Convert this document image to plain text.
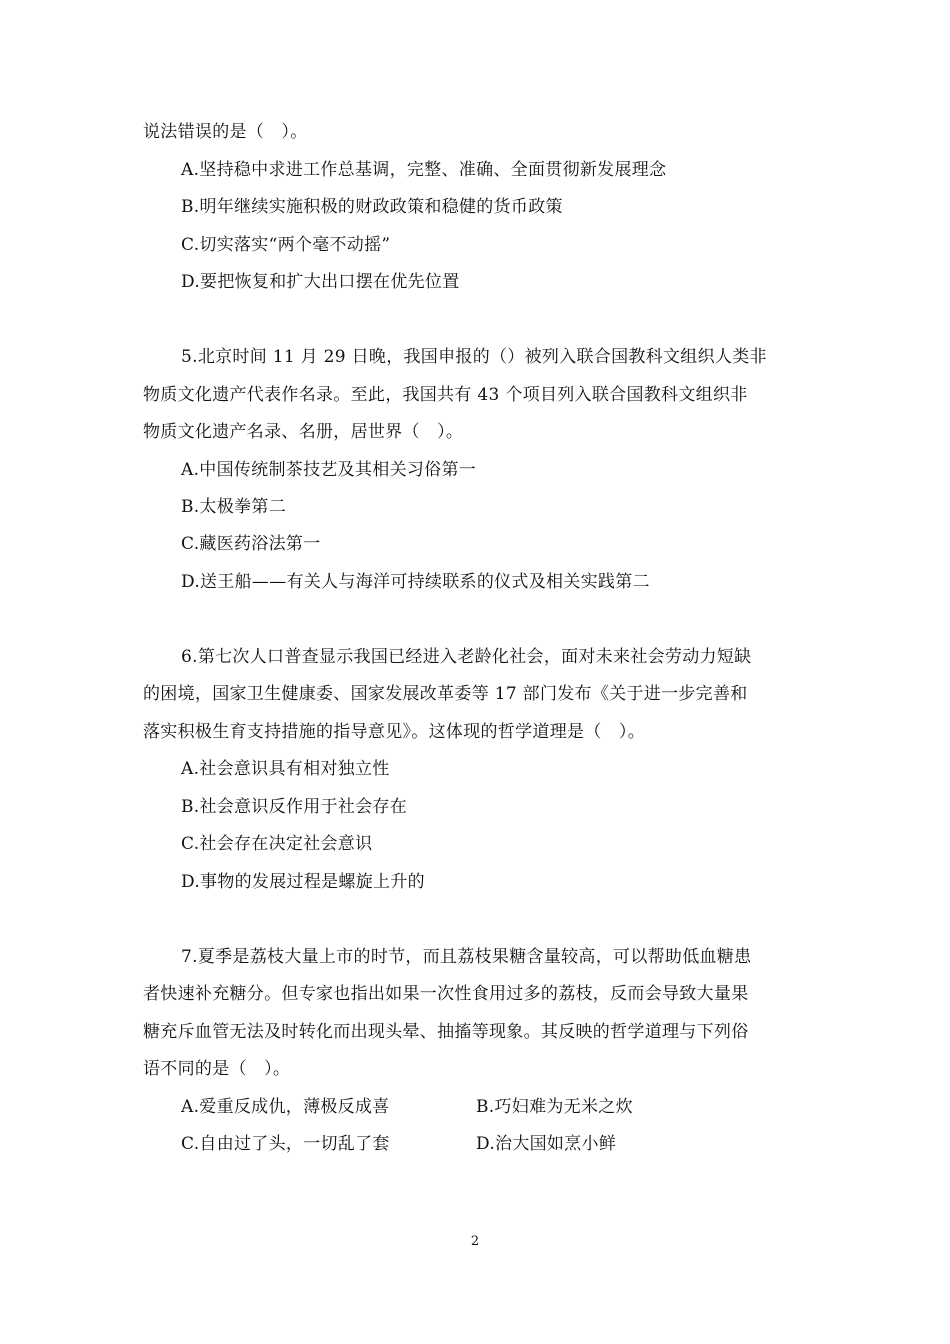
说法错误的是（　）。
A.坚持稳中求进工作总基调，完整、准确、全面贯彻新发展理念
B.明年继续实施积极的财政政策和稳健的货币政策
C.切实落实“两个毫不动摇”
D.要把恢复和扩大出口摆在优先位置
5.北京时间 11 月 29 日晚，我国申报的（）被列入联合国教科文组织人类非
物质文化遗产代表作名录。至此，我国共有 43 个项目列入联合国教科文组织非
物质文化遗产名录、名册，居世界（　）。
A.中国传统制茶技艺及其相关习俗第一
B.太极拳第二
C.藏医药浴法第一
D.送王船——有关人与海洋可持续联系的仪式及相关实践第二
6.第七次人口普查显示我国已经进入老龄化社会，面对未来社会劳动力短缺
的困境，国家卫生健康委、国家发展改革委等 17 部门发布《关于进一步完善和
落实积极生育支持措施的指导意见》。这体现的哲学道理是（　）。
A.社会意识具有相对独立性
B.社会意识反作用于社会存在
C.社会存在决定社会意识
D.事物的发展过程是螺旋上升的
7.夏季是荔枝大量上市的时节，而且荔枝果糖含量较高，可以帮助低血糖患
者快速补充糖分。但专家也指出如果一次性食用过多的荔枝，反而会导致大量果
糖充斥血管无法及时转化而出现头晕、抽搐等现象。其反映的哲学道理与下列俗
语不同的是（　）。
A.爱重反成仇，薄极反成喜	B.巧妇难为无米之炊
C.自由过了头，一切乱了套	D.治大国如烹小鲜
2
